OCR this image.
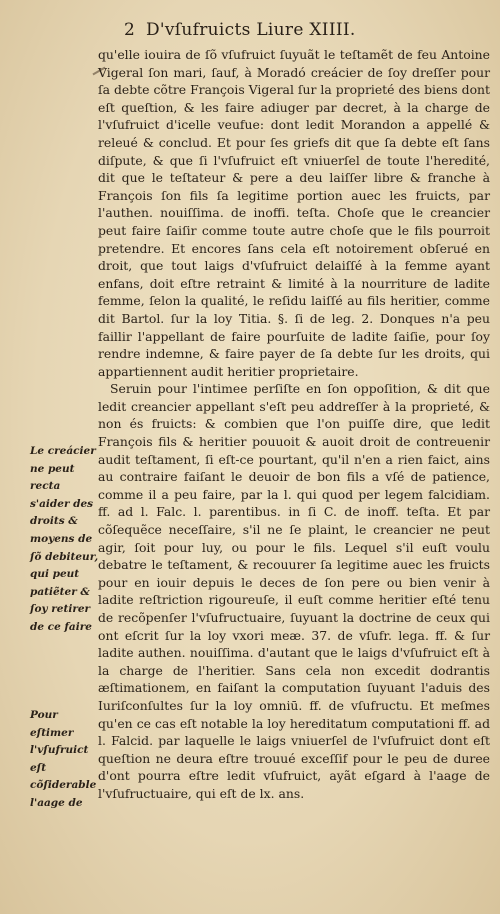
2 D'vſufruicts Liure XIIII.

qu'elle iouira de ſõ vſufruict ſuyuãt le teſtamẽt de feu Antoine Vigeral ſon mari, ſauf, à Moradó creácier de ſoy dreſſer pour ſa debte cõtre François Vigeral ſur la proprieté des biens dont eſt queſtion, & les faire adiuger par decret, à la charge de l'vſufruict d'icelle veufue: dont ledit Morandon a appellé & releué & conclud. Et pour ſes griefs dit que ſa debte eſt ſans diſpute, & que ſi l'vſufruict eſt vniuerſel de toute l'heredité, dit que le teſtateur & pere a deu laiſſer libre & franche à François ſon fils ſa legitime portion auec les fruicts, par l'authen. nouiſſima. de inoffi. teſta. Choſe que le creancier peut faire ſaiſir comme toute autre choſe que le fils pourroit pretendre. Et encores ſans cela eſt notoirement obſerué en droit, que tout laigs d'vſufruict delaiſſé à la femme ayant enfans, doit eſtre retraint & limité à la nourriture de ladite femme, ſelon la qualité, le reſidu laiſſé au fils heritier, comme dit Bartol. ſur la loy Titia. §. ſi de leg. 2. Donques n'a peu faillir l'appellant de faire pourſuite de ladite ſaiſie, pour ſoy rendre indemne, & faire payer de ſa debte ſur les droits, qui appartiennent audit heritier proprietaire.

Seruin pour l'intimee perſiſte en ſon oppoſition, & dit que ledit creancier appellant s'eſt peu addreſſer à la proprieté, & non és fruicts: & combien que l'on puiſſe dire, que ledit François fils & heritier pouuoit & auoit droit de contreuenir audit teſtament, ſi eſt-ce pourtant, qu'il n'en a rien faict, ains au contraire faiſant le deuoir de bon fils a vſé de patience, comme il a peu faire, par la l. qui quod per legem falcidiam. ff. ad l. Falc. l. parentibus. in ſi C. de inoff. teſta. Et par cõſequẽce neceſſaire, s'il ne ſe plaint, le creancier ne peut agir, ſoit pour luy, ou pour le fils. Lequel s'il euſt voulu debatre le teſtament, & recouurer ſa legitime auec les fruicts pour en iouir depuis le deces de ſon pere ou bien venir à ladite reſtriction rigoureuſe, il euſt comme heritier eſté tenu de recõpenſer l'vſufructuaire, ſuyuant la doctrine de ceux qui ont eſcrit ſur la loy vxori meæ. 37. de vſufr. lega. ff. & ſur ladite authen. nouiſſima. d'autant que le laigs d'vſufruict eſt à la charge de l'heritier. Sans cela non excedit dodrantis æſtimationem, en faiſant la computation ſuyuant l'aduis des Iuriſconſultes ſur la loy omniū. ff. de vſufructu. Et meſmes qu'en ce cas eſt notable la loy hereditatum computationi ff. ad l. Falcid. par laquelle le laigs vniuerſel de l'vſufruict dont eſt queſtion ne deura eſtre trouué exceſſif pour le peu de duree d'ont pourra eſtre ledit vſufruict, ayãt eſgard à l'aage de l'vſufructuaire, qui eſt de lx. ans.

Le creácier ne peut recta s'aider des droits & moyens de ſõ debiteur, qui peut patiẽter & ſoy retirer de ce faire
Pour eſtimer l'vſufruict eſt cõſiderable l'aage de
